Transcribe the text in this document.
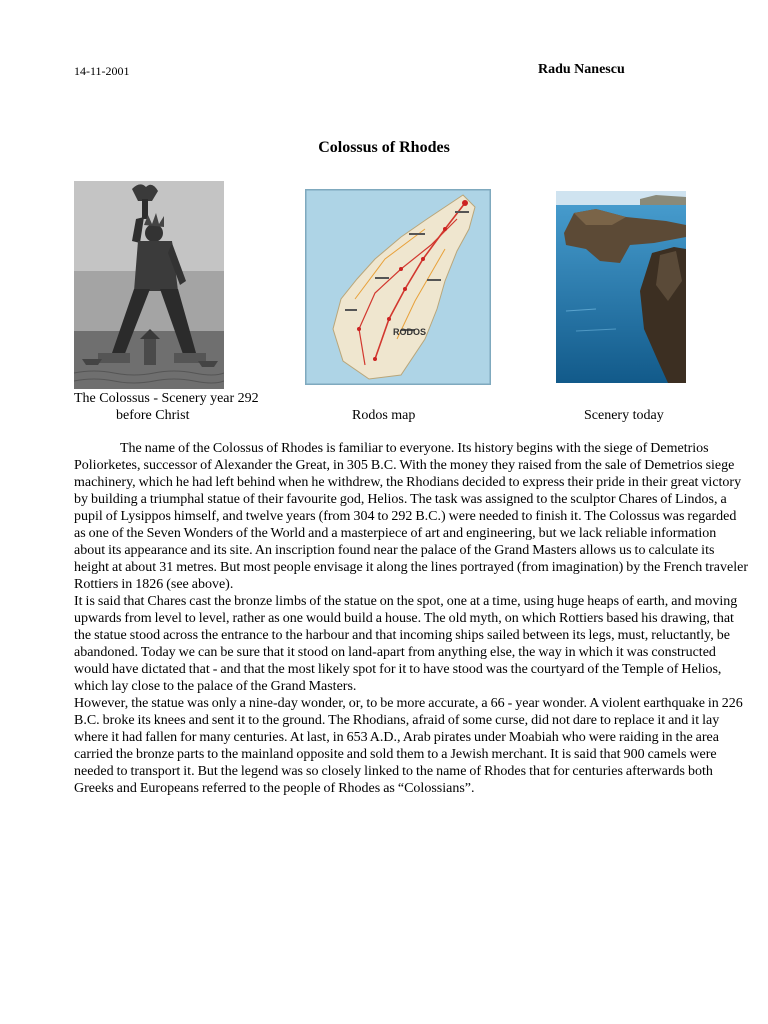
14-11-2001	Radu Nanescu
Colossus of Rhodes
RODOS
The Colossus - Scenery year 292
before Christ	Rodos map	Scenery today

The name of the Colossus of Rhodes is familiar to everyone. Its history begins with the siege of Demetrios Poliorketes, successor of Alexander the Great, in 305 B.C. With the money they raised from the sale of Demetrios siege machinery, which he had left behind when he withdrew, the Rhodians decided to express their pride in their great victory by building a triumphal statue of their favourite god, Helios. The task was assigned to the sculptor Chares of Lindos, a pupil of Lysippos himself, and twelve years (from 304 to 292 B.C.) were needed to finish it. The Colossus was regarded as one of the Seven Wonders of the World and a masterpiece of art and engineering, but we lack reliable information about its appearance and its site. An inscription found near the palace of the Grand Masters allows us to calculate its height at about 31 metres. But most people envisage it along the lines portrayed (from imagination) by the French traveler Rottiers in 1826 (see above).

It is said that Chares cast the bronze limbs of the statue on the spot, one at a time, using huge heaps of earth, and moving upwards from level to level, rather as one would build a house. The old myth, on which Rottiers based his drawing, that the statue stood across the entrance to the harbour and that incoming ships sailed between its legs, must, reluctantly, be abandoned. Today we can be sure that it stood on land-apart from anything else, the way in which it was constructed would have dictated that - and that the most likely spot for it to have stood was the courtyard of the Temple of Helios, which lay close to the palace of the Grand Masters.

However, the statue was only a nine-day wonder, or, to be more accurate, a 66 - year wonder. A violent earthquake in 226 B.C. broke its knees and sent it to the ground. The Rhodians, afraid of some curse, did not dare to replace it and it lay where it had fallen for many centuries. At last, in 653 A.D., Arab pirates under Moabiah who were raiding in the area carried the bronze parts to the mainland opposite and sold them to a Jewish merchant. It is said that 900 camels were needed to transport it. But the legend was so closely linked to the name of Rhodes that for centuries afterwards both Greeks and Europeans referred to the people of Rhodes as “Colossians”.
